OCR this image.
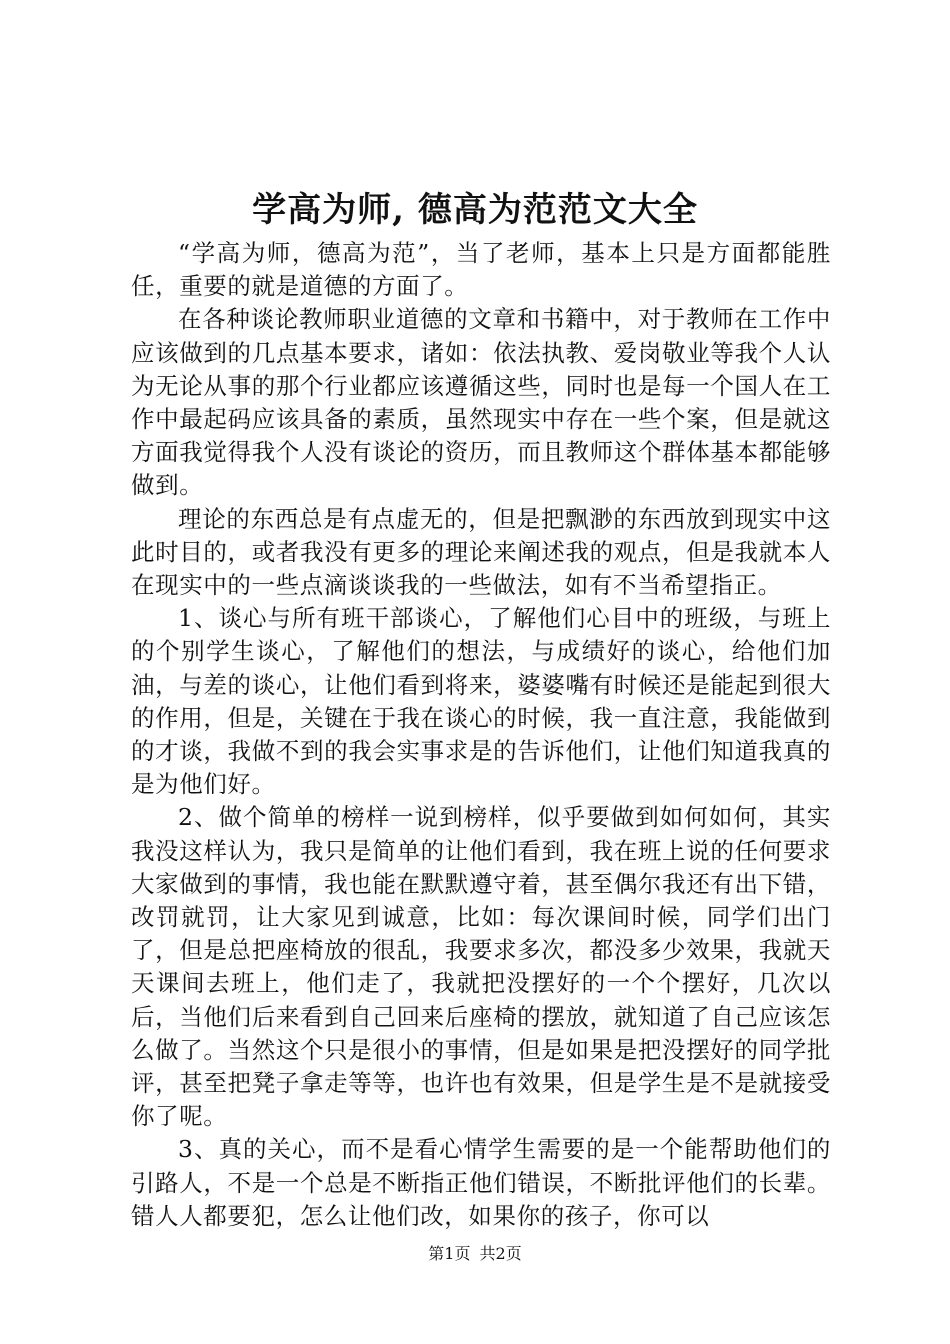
学高为师, 德高为范范文大全

“学高为师，德高为范”，当了老师，基本上只是方面都能胜任，重要的就是道德的方面了。

在各种谈论教师职业道德的文章和书籍中，对于教师在工作中应该做到的几点基本要求，诸如：依法执教、爱岗敬业等我个人认为无论从事的那个行业都应该遵循这些，同时也是每一个国人在工作中最起码应该具备的素质，虽然现实中存在一些个案，但是就这方面我觉得我个人没有谈论的资历，而且教师这个群体基本都能够做到。

理论的东西总是有点虚无的，但是把飘渺的东西放到现实中这此时目的，或者我没有更多的理论来阐述我的观点，但是我就本人在现实中的一些点滴谈谈我的一些做法，如有不当希望指正。

1、谈心与所有班干部谈心，了解他们心目中的班级，与班上的个别学生谈心，了解他们的想法，与成绩好的谈心，给他们加油，与差的谈心，让他们看到将来，婆婆嘴有时候还是能起到很大的作用，但是，关键在于我在谈心的时候，我一直注意，我能做到的才谈，我做不到的我会实事求是的告诉他们，让他们知道我真的是为他们好。

2、做个简单的榜样一说到榜样，似乎要做到如何如何，其实我没这样认为，我只是简单的让他们看到，我在班上说的任何要求大家做到的事情，我也能在默默遵守着，甚至偶尔我还有出下错，改罚就罚，让大家见到诚意，比如：每次课间时候，同学们出门了，但是总把座椅放的很乱，我要求多次，都没多少效果，我就天天课间去班上，他们走了，我就把没摆好的一个个摆好，几次以后，当他们后来看到自己回来后座椅的摆放，就知道了自己应该怎么做了。当然这个只是很小的事情，但是如果是把没摆好的同学批评，甚至把凳子拿走等等，也许也有效果，但是学生是不是就接受你了呢。

3、真的关心，而不是看心情学生需要的是一个能帮助他们的引路人，不是一个总是不断指正他们错误，不断批评他们的长辈。错人人都要犯，怎么让他们改，如果你的孩子，你可以

第1页 共2页
